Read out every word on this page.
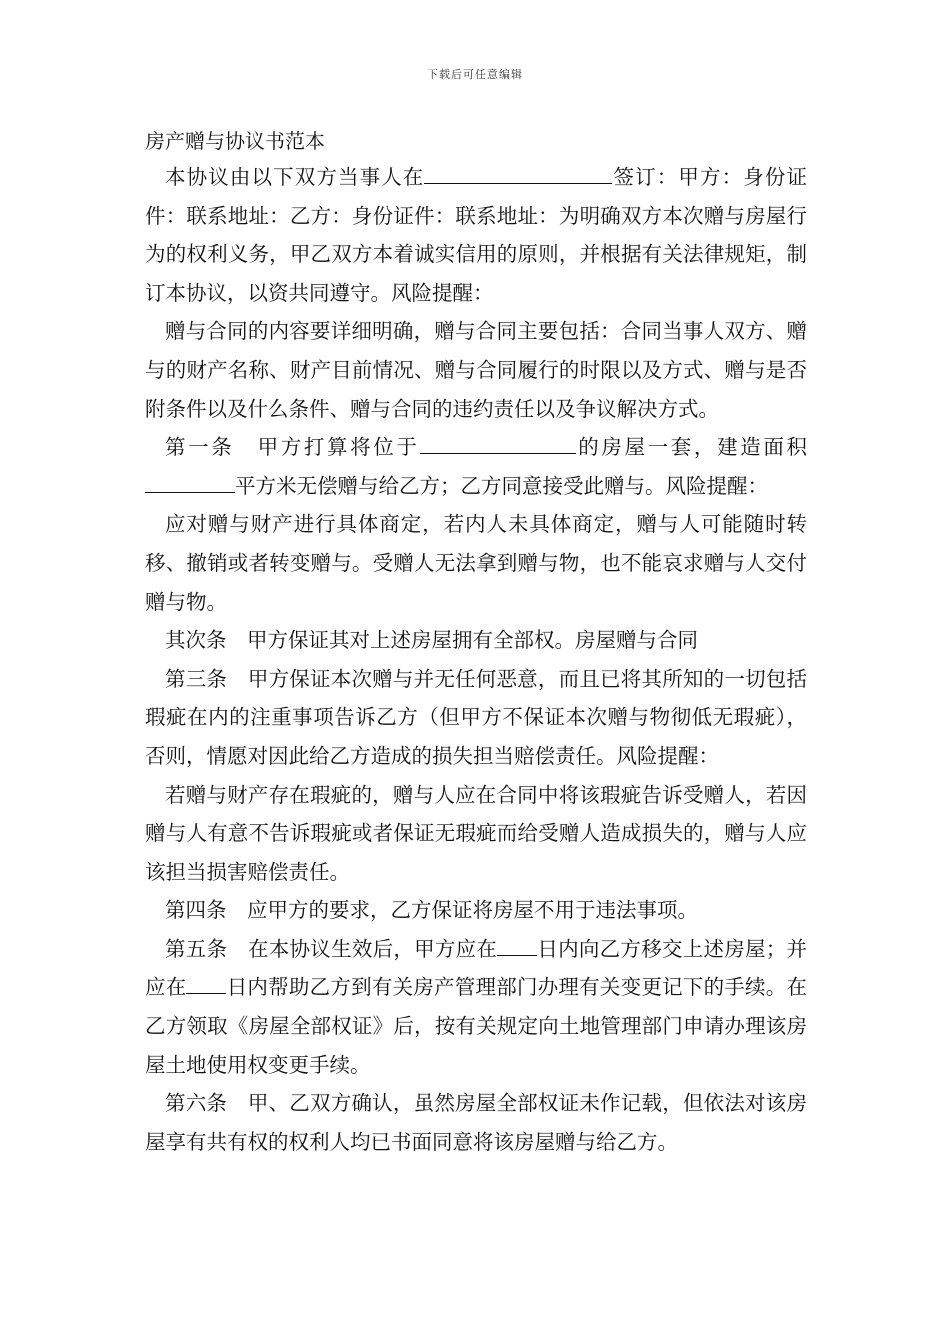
下载后可任意编辑
房产赠与协议书范本

本协议由以下双方当事人在	签订：甲方：身份证件：联系地址：乙方：身份证件：联系地址：为明确双方本次赠与房屋行为的权利义务，甲乙双方本着诚实信用的原则，并根据有关法律规矩，制订本协议，以资共同遵守。风险提醒：

赠与合同的内容要详细明确，赠与合同主要包括：合同当事人双方、赠与的财产名称、财产目前情况、赠与合同履行的时限以及方式、赠与是否附条件以及什么条件、赠与合同的违约责任以及争议解决方式。

第一条　甲方打算将位于	的房屋一套，建造面积平方米无偿赠与给乙方；乙方同意接受此赠与。风险提醒：

应对赠与财产进行具体商定，若内人未具体商定，赠与人可能随时转移、撤销或者转变赠与。受赠人无法拿到赠与物，也不能哀求赠与人交付赠与物。

其次条　甲方保证其对上述房屋拥有全部权。房屋赠与合同

第三条　甲方保证本次赠与并无任何恶意，而且已将其所知的一切包括瑕疵在内的注重事项告诉乙方（但甲方不保证本次赠与物彻低无瑕疵），否则，情愿对因此给乙方造成的损失担当赔偿责任。风险提醒：

若赠与财产存在瑕疵的，赠与人应在合同中将该瑕疵告诉受赠人，若因赠与人有意不告诉瑕疵或者保证无瑕疵而给受赠人造成损失的，赠与人应该担当损害赔偿责任。

第四条　应甲方的要求，乙方保证将房屋不用于违法事项。

第五条　在本协议生效后，甲方应在 日内向乙方移交上述房屋；并应在 日内帮助乙方到有关房产管理部门办理有关变更记下的手续。在乙方领取《房屋全部权证》后，按有关规定向土地管理部门申请办理该房屋土地使用权变更手续。

第六条　甲、乙双方确认，虽然房屋全部权证未作记载，但依法对该房屋享有共有权的权利人均已书面同意将该房屋赠与给乙方。
